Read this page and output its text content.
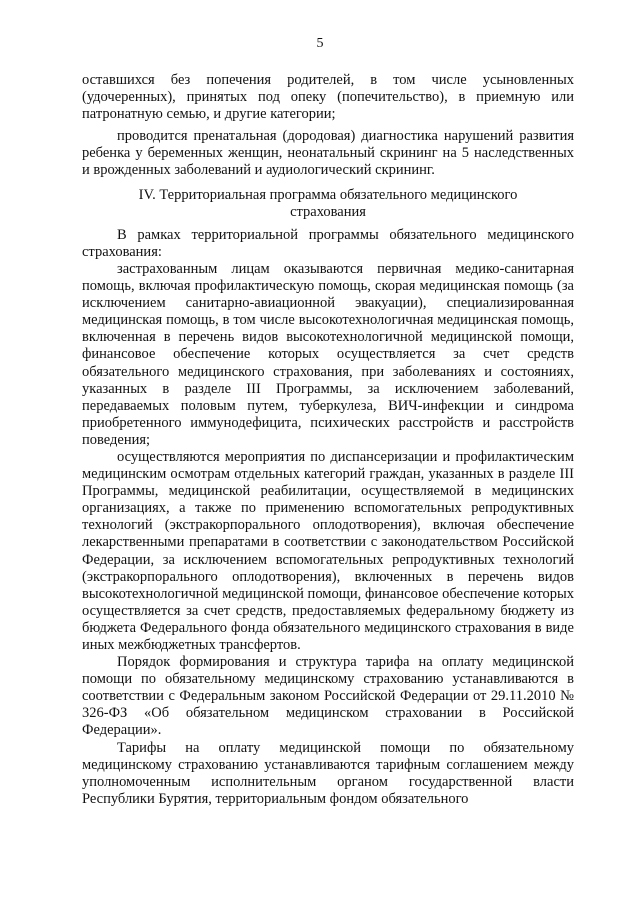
5

оставшихся без попечения родителей, в том числе усыновленных (удочеренных), принятых под опеку (попечительство), в приемную или патронатную семью, и другие категории;

проводится пренатальная (дородовая) диагностика нарушений развития ребенка у беременных женщин, неонатальный скрининг на 5 наследственных и врожденных заболеваний и аудиологический скрининг.

IV. Территориальная программа обязательного медицинского страхования

В рамках территориальной программы обязательного медицинского страхования:

застрахованным лицам оказываются первичная медико-санитарная помощь, включая профилактическую помощь, скорая медицинская помощь (за исключением санитарно-авиационной эвакуации), специализированная медицинская помощь, в том числе высокотехнологичная медицинская помощь, включенная в перечень видов высокотехнологичной медицинской помощи, финансовое обеспечение которых осуществляется за счет средств обязательного медицинского страхования, при заболеваниях и состояниях, указанных в разделе III Программы, за исключением заболеваний, передаваемых половым путем, туберкулеза, ВИЧ-инфекции и синдрома приобретенного иммунодефицита, психических расстройств и расстройств поведения;

осуществляются мероприятия по диспансеризации и профилактическим медицинским осмотрам отдельных категорий граждан, указанных в разделе III Программы, медицинской реабилитации, осуществляемой в медицинских организациях, а также по применению вспомогательных репродуктивных технологий (экстракорпорального оплодотворения), включая обеспечение лекарственными препаратами в соответствии с законодательством Российской Федерации, за исключением вспомогательных репродуктивных технологий (экстракорпорального оплодотворения), включенных в перечень видов высокотехнологичной медицинской помощи, финансовое обеспечение которых осуществляется за счет средств, предоставляемых федеральному бюджету из бюджета Федерального фонда обязательного медицинского страхования в виде иных межбюджетных трансфертов.

Порядок формирования и структура тарифа на оплату медицинской помощи по обязательному медицинскому страхованию устанавливаются в соответствии с Федеральным законом Российской Федерации от 29.11.2010 № 326-ФЗ «Об обязательном медицинском страховании в Российской Федерации».

Тарифы на оплату медицинской помощи по обязательному медицинскому страхованию устанавливаются тарифным соглашением между уполномоченным исполнительным органом государственной власти Республики Бурятия, территориальным фондом обязательного
